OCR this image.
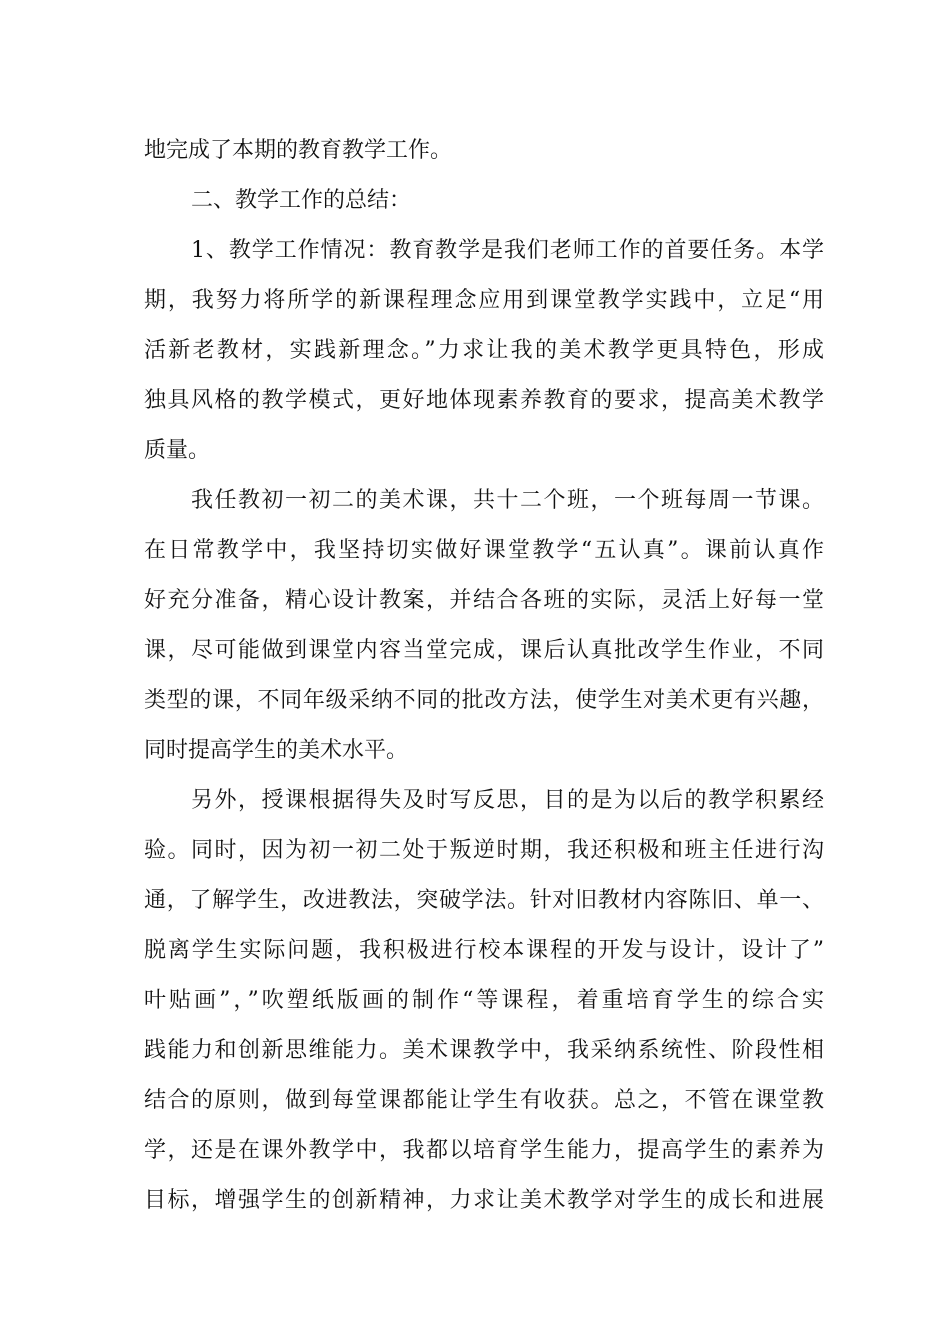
地完成了本期的教育教学工作。
二、教学工作的总结：
1、教学工作情况：教育教学是我们老师工作的首要任务。本学
期，我努力将所学的新课程理念应用到课堂教学实践中，立足“用
活新老教材，实践新理念。”力求让我的美术教学更具特色，形成
独具风格的教学模式，更好地体现素养教育的要求，提高美术教学
质量。
我任教初一初二的美术课，共十二个班，一个班每周一节课。
在日常教学中，我坚持切实做好课堂教学“五认真”。课前认真作
好充分准备，精心设计教案，并结合各班的实际，灵活上好每一堂
课，尽可能做到课堂内容当堂完成，课后认真批改学生作业，不同
类型的课，不同年级采纳不同的批改方法，使学生对美术更有兴趣，
同时提高学生的美术水平。
另外，授课根据得失及时写反思，目的是为以后的教学积累经
验。同时，因为初一初二处于叛逆时期，我还积极和班主任进行沟
通，了解学生，改进教法，突破学法。针对旧教材内容陈旧、单一、
脱离学生实际问题，我积极进行校本课程的开发与设计，设计了”
叶贴画”，”吹塑纸版画的制作“等课程，着重培育学生的综合实
践能力和创新思维能力。美术课教学中，我采纳系统性、阶段性相
结合的原则，做到每堂课都能让学生有收获。总之，不管在课堂教
学，还是在课外教学中，我都以培育学生能力，提高学生的素养为
目标，增强学生的创新精神，力求让美术教学对学生的成长和进展
